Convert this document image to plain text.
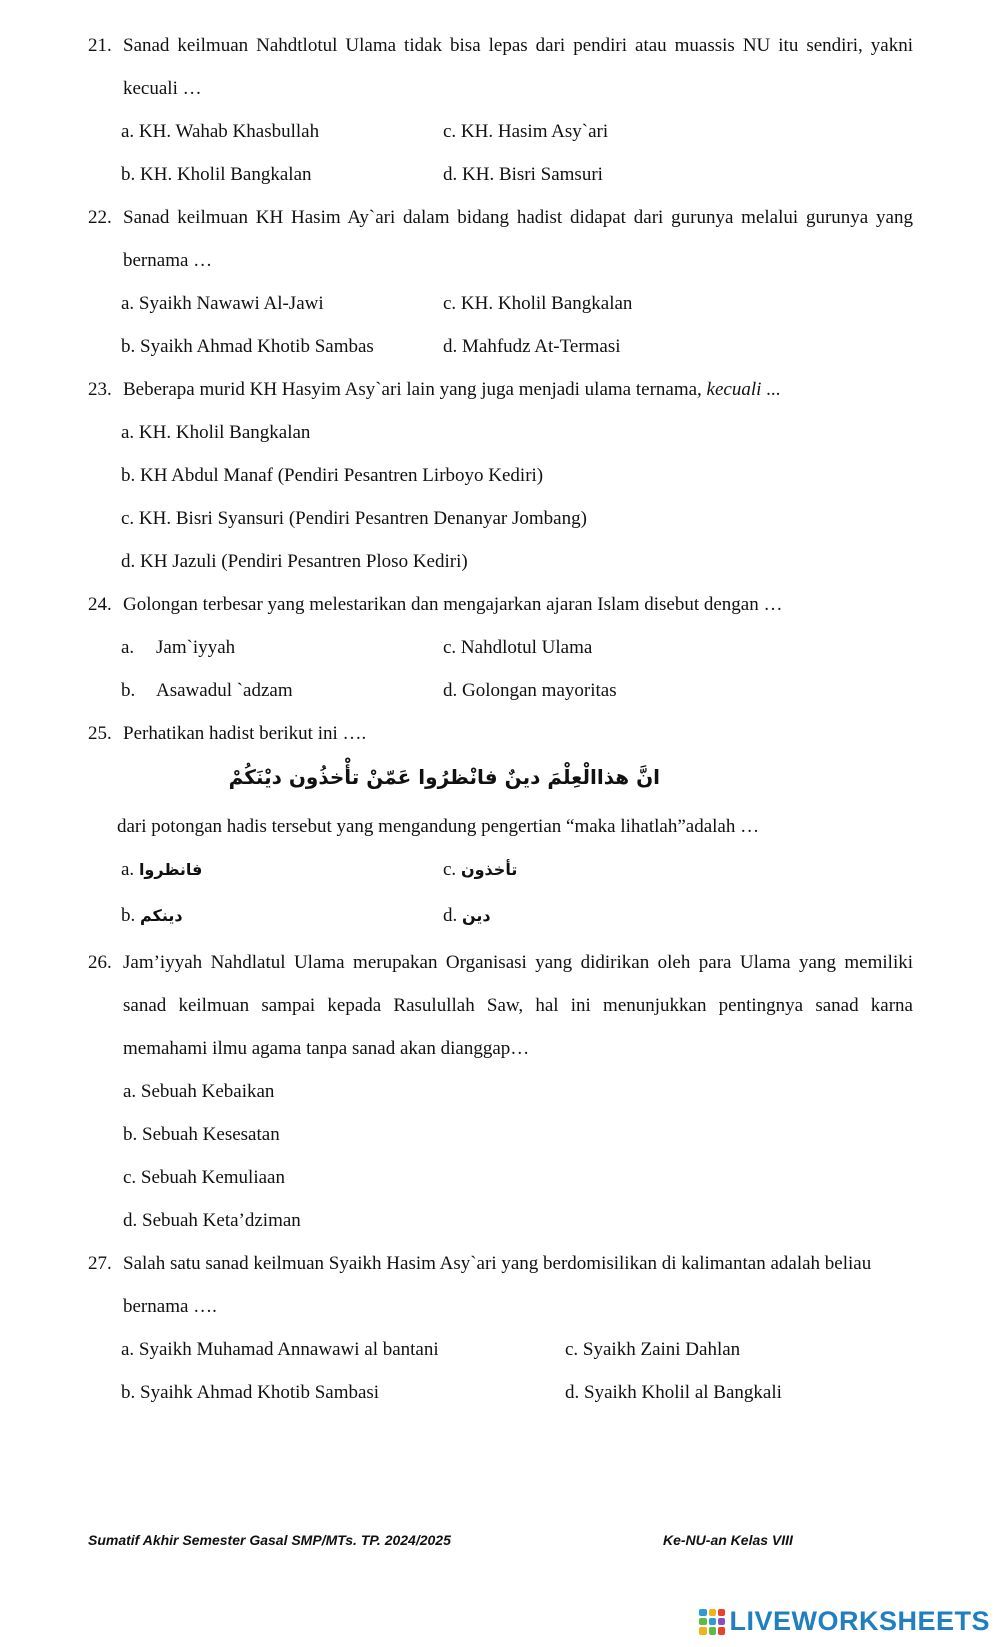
21. Sanad keilmuan Nahdtlotul Ulama tidak bisa lepas dari pendiri atau muassis NU itu sendiri, yakni
kecuali …
a. KH. Wahab Khasbullah	c. KH. Hasim Asy`ari
b. KH. Kholil Bangkalan	d. KH. Bisri Samsuri
22. Sanad keilmuan KH Hasim Ay`ari dalam bidang hadist didapat dari gurunya melalui gurunya yang
bernama …
a. Syaikh Nawawi Al-Jawi	c. KH. Kholil Bangkalan
b. Syaikh Ahmad Khotib Sambas	d. Mahfudz At-Termasi
23. Beberapa murid KH Hasyim Asy`ari lain yang juga menjadi ulama ternama, kecuali ...
a. KH. Kholil Bangkalan
b. KH Abdul Manaf (Pendiri Pesantren Lirboyo Kediri)
c. KH. Bisri Syansuri (Pendiri Pesantren Denanyar Jombang)
d. KH Jazuli (Pendiri Pesantren Ploso Kediri)
24. Golongan terbesar yang melestarikan dan mengajarkan ajaran Islam disebut dengan …
a. Jam`iyyah	c. Nahdlotul Ulama
b. Asawadul `adzam	d. Golongan mayoritas
25. Perhatikan hadist berikut ini ….
انَّ هذاالْعِلْمَ دينٌ فانْظرُوا عَمّنْ تأْخذُون ديْنَكُمْ
dari potongan hadis tersebut yang mengandung pengertian “maka lihatlah”adalah …
a. فانظروا	c. تأخذون
b. دينكم	d. دين
26. Jam’iyyah Nahdlatul Ulama merupakan Organisasi yang didirikan oleh para Ulama yang memiliki
sanad keilmuan sampai kepada Rasulullah Saw, hal ini menunjukkan pentingnya sanad karna
memahami ilmu agama tanpa sanad akan dianggap…
a. Sebuah Kebaikan
b. Sebuah Kesesatan
c. Sebuah Kemuliaan
d. Sebuah Keta’dziman
27. Salah satu sanad keilmuan Syaikh Hasim Asy`ari yang berdomisilikan di kalimantan adalah beliau
bernama ….
a. Syaikh Muhamad Annawawi al bantani	c. Syaikh Zaini Dahlan
b. Syaihk Ahmad Khotib Sambasi	d. Syaikh Kholil al Bangkali
Sumatif Akhir Semester Gasal SMP/MTs. TP. 2024/2025	Ke-NU-an Kelas VIII
LIVEWORKSHEETS
